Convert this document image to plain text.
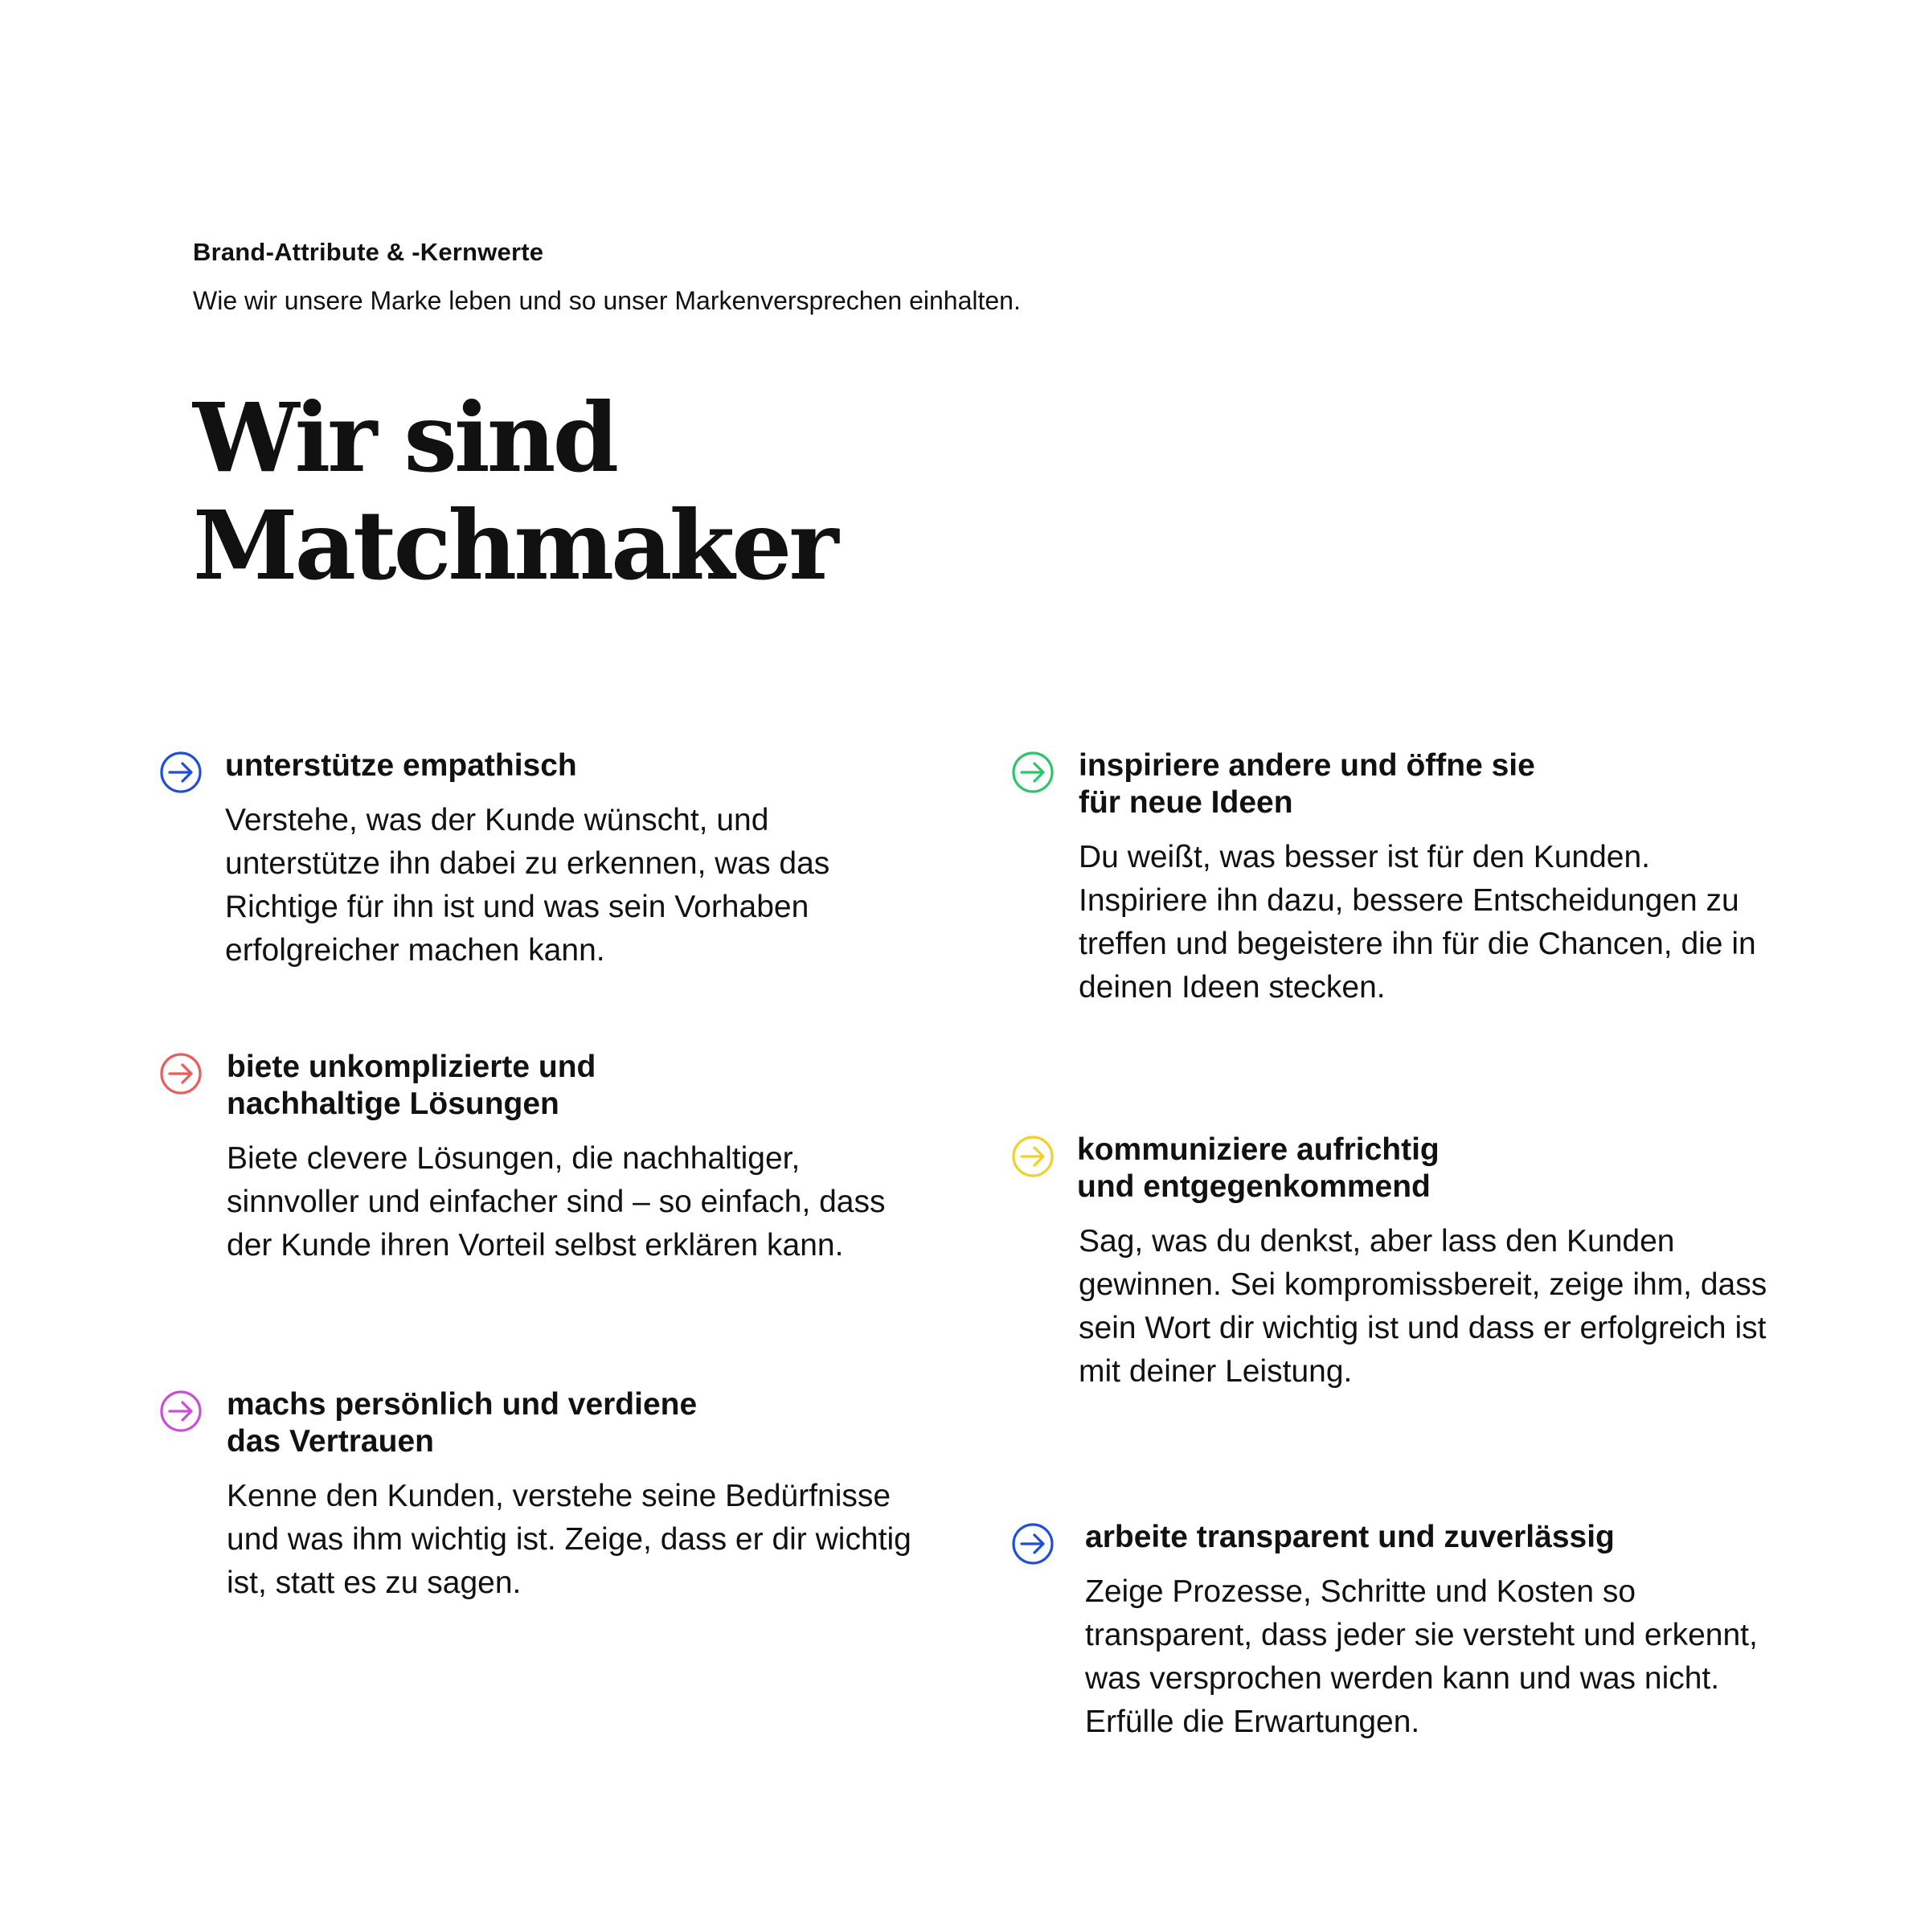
Brand-Attribute & -Kernwerte
Wie wir unsere Marke leben und so unser Markenversprechen einhalten.
Wir sind
Matchmaker

unterstütze empathisch

Verstehe, was der Kunde wünscht, und unterstütze ihn dabei zu erkennen, was das Richtige für ihn ist und was sein Vorhaben erfolgreicher machen kann.

biete unkomplizierte und
nachhaltige Lösungen

Biete clevere Lösungen, die nachhaltiger, sinnvoller und einfacher sind – so einfach, dass der Kunde ihren Vorteil selbst erklären kann.

machs persönlich und verdiene
das Vertrauen

Kenne den Kunden, verstehe seine Bedürfnisse und was ihm wichtig ist. Zeige, dass er dir wichtig ist, statt es zu sagen.

inspiriere andere und öffne sie
für neue Ideen

Du weißt, was besser ist für den Kunden. Inspiriere ihn dazu, bessere Entscheidungen zu treffen und begeistere ihn für die Chancen, die in deinen Ideen stecken.

kommuniziere aufrichtig
und entgegenkommend

Sag, was du denkst, aber lass den Kunden gewinnen. Sei kompromissbereit, zeige ihm, dass sein Wort dir wichtig ist und dass er erfolgreich ist mit deiner Leistung.

arbeite transparent und zuverlässig

Zeige Prozesse, Schritte und Kosten so transparent, dass jeder sie versteht und erkennt, was versprochen werden kann und was nicht. Erfülle die Erwartungen.
